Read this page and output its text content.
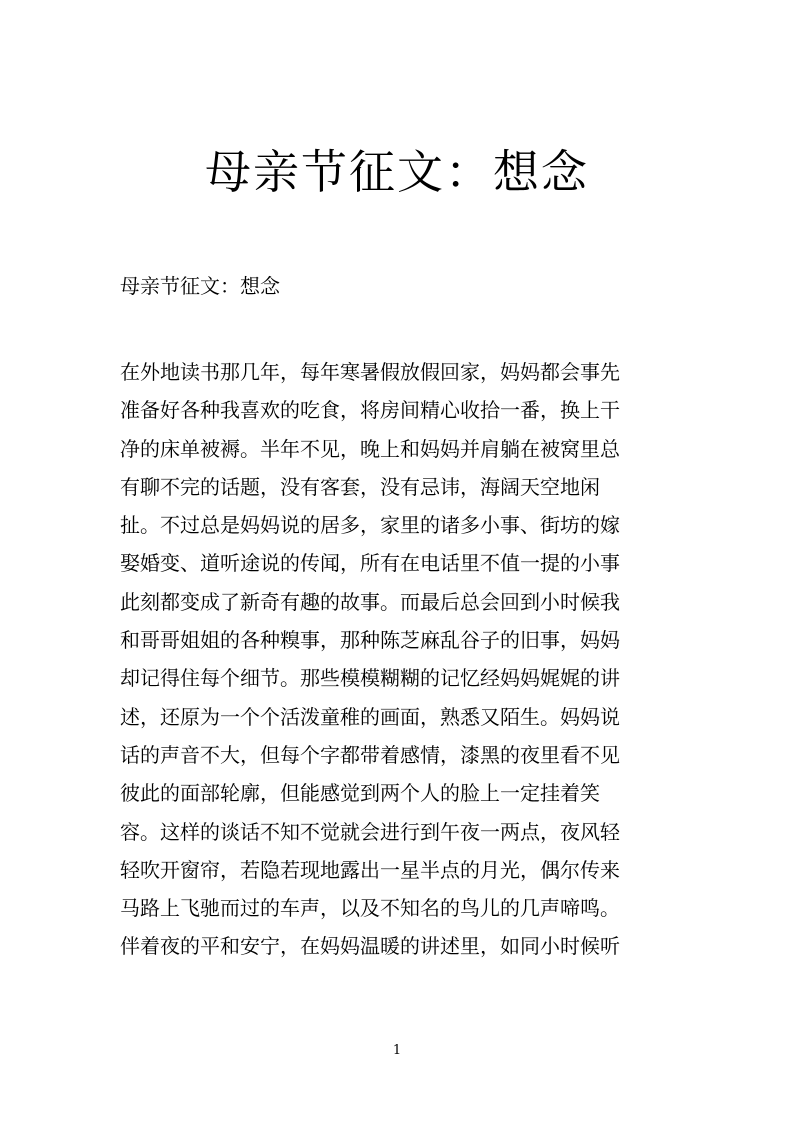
母亲节征文：想念
母亲节征文：想念
在外地读书那几年，每年寒暑假放假回家，妈妈都会事先
准备好各种我喜欢的吃食，将房间精心收拾一番，换上干
净的床单被褥。半年不见，晚上和妈妈并肩躺在被窝里总
有聊不完的话题，没有客套，没有忌讳，海阔天空地闲
扯。不过总是妈妈说的居多，家里的诸多小事、街坊的嫁
娶婚变、道听途说的传闻，所有在电话里不值一提的小事
此刻都变成了新奇有趣的故事。而最后总会回到小时候我
和哥哥姐姐的各种糗事，那种陈芝麻乱谷子的旧事，妈妈
却记得住每个细节。那些模模糊糊的记忆经妈妈娓娓的讲
述，还原为一个个活泼童稚的画面，熟悉又陌生。妈妈说
话的声音不大，但每个字都带着感情，漆黑的夜里看不见
彼此的面部轮廓，但能感觉到两个人的脸上一定挂着笑
容。这样的谈话不知不觉就会进行到午夜一两点，夜风轻
轻吹开窗帘，若隐若现地露出一星半点的月光，偶尔传来
马路上飞驰而过的车声，以及不知名的鸟儿的几声啼鸣。
伴着夜的平和安宁，在妈妈温暖的讲述里，如同小时候听
1
